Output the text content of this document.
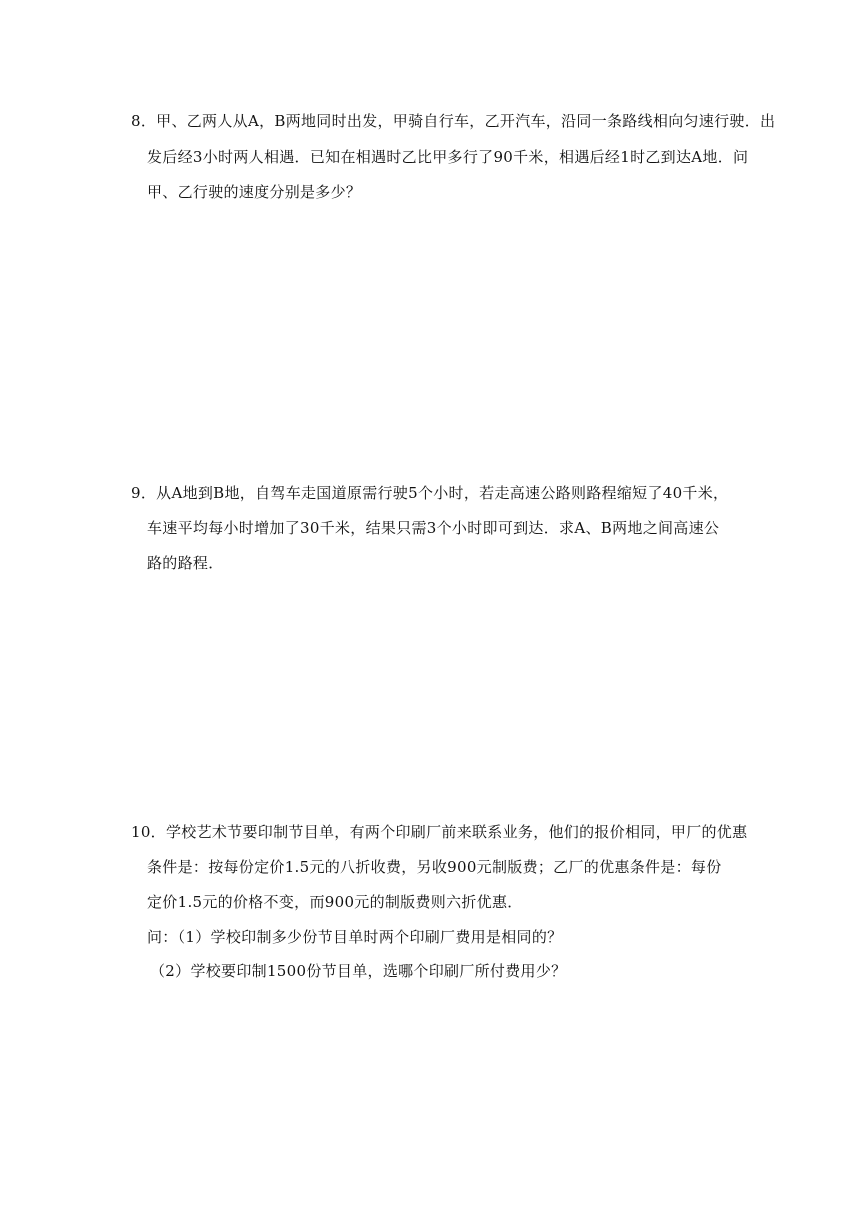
8．甲、乙两人从A，B两地同时出发，甲骑自行车，乙开汽车，沿同一条路线相向匀速行驶．出
发后经3小时两人相遇．已知在相遇时乙比甲多行了90千米，相遇后经1时乙到达A地．问
甲、乙行驶的速度分别是多少？
9．从A地到B地，自驾车走国道原需行驶5个小时，若走高速公路则路程缩短了40千米，
车速平均每小时增加了30千米，结果只需3个小时即可到达．求A、B两地之间高速公
路的路程．
10．学校艺术节要印制节目单，有两个印刷厂前来联系业务，他们的报价相同，甲厂的优惠
条件是：按每份定价1.5元的八折收费，另收900元制版费；乙厂的优惠条件是：每份
定价1.5元的价格不变，而900元的制版费则六折优惠．
问：（1）学校印制多少份节目单时两个印刷厂费用是相同的？
（2）学校要印制1500份节目单，选哪个印刷厂所付费用少？
